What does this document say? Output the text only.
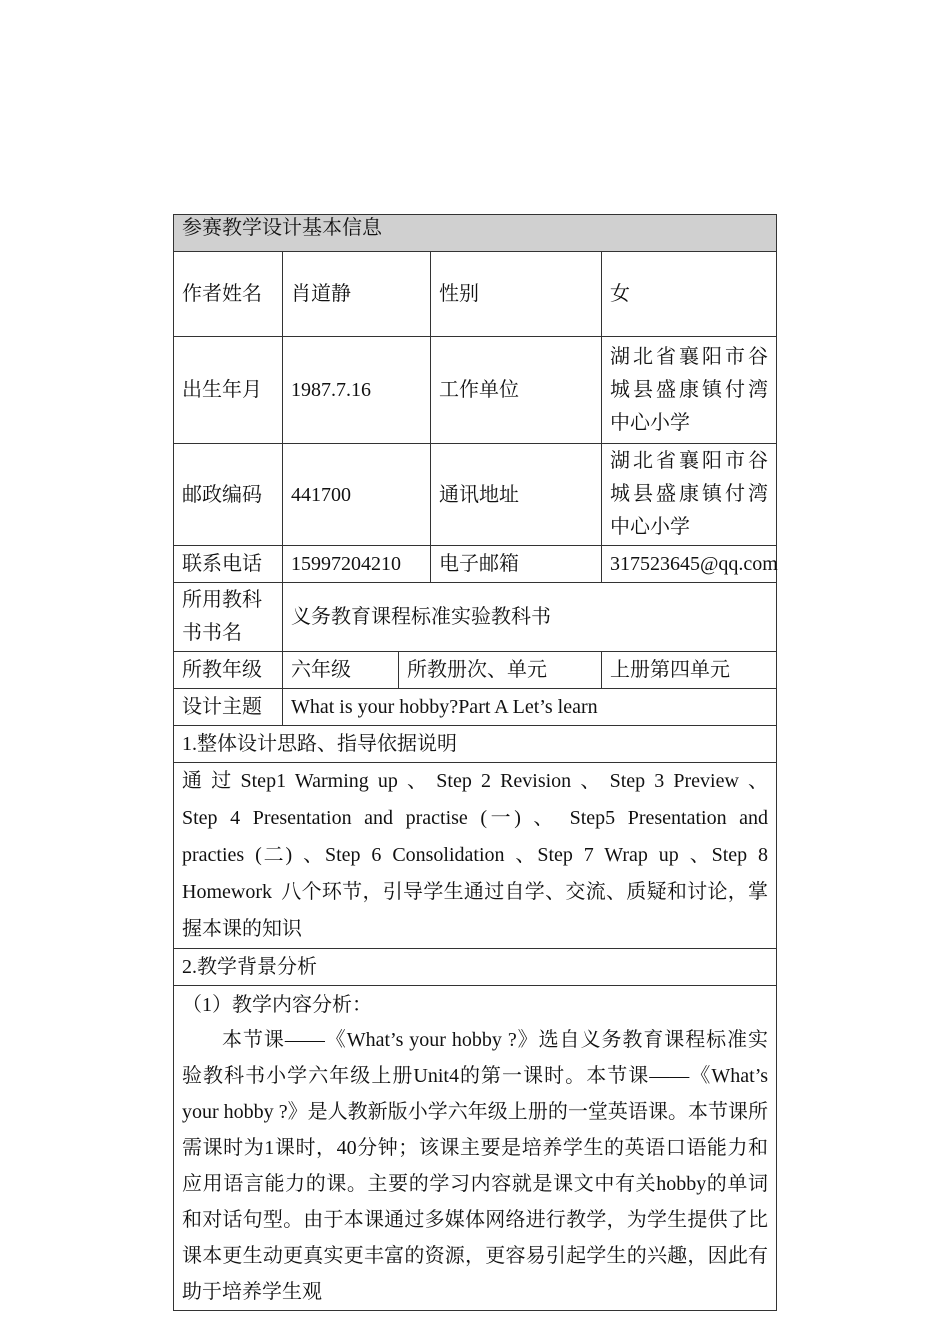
参赛教学设计基本信息				
作者姓名	肖道静		性别	女
出生年月	1987.7.16		工作单位	湖北省襄阳市谷城县盛康镇付湾中心小学
邮政编码	441700		通讯地址	湖北省襄阳市谷城县盛康镇付湾中心小学
联系电话	15997204210		电子邮箱	317523645@qq.com
所用教科书书名	义务教育课程标准实验教科书			
所教年级	六年级	所教册次、单元		上册第四单元
设计主题	What is your hobby?Part A Let’s learn			
1.整体设计思路、指导依据说明				
通 过 Step1 Warming up 、 Step 2 Revision 、 Step 3 Preview 、 Step 4 Presentation and practise (一) 、 Step5 Presentation and practies (二) 、Step 6 Consolidation 、Step 7 Wrap up 、Step 8 Homework 八个环节，引导学生通过自学、交流、质疑和讨论，掌握本课的知识				
2.教学背景分析				

（1）教学内容分析：

本节课——《What’s your hobby ?》选自义务教育课程标准实验教科书小学六年级上册Unit4的第一课时。本节课——《What’s your hobby ?》是人教新版小学六年级上册的一堂英语课。本节课所需课时为1课时，40分钟；该课主要是培养学生的英语口语能力和应用语言能力的课。主要的学习内容就是课文中有关hobby的单词和对话句型。由于本课通过多媒体网络进行教学，为学生提供了比课本更生动更真实更丰富的资源，更容易引起学生的兴趣，因此有助于培养学生观				
